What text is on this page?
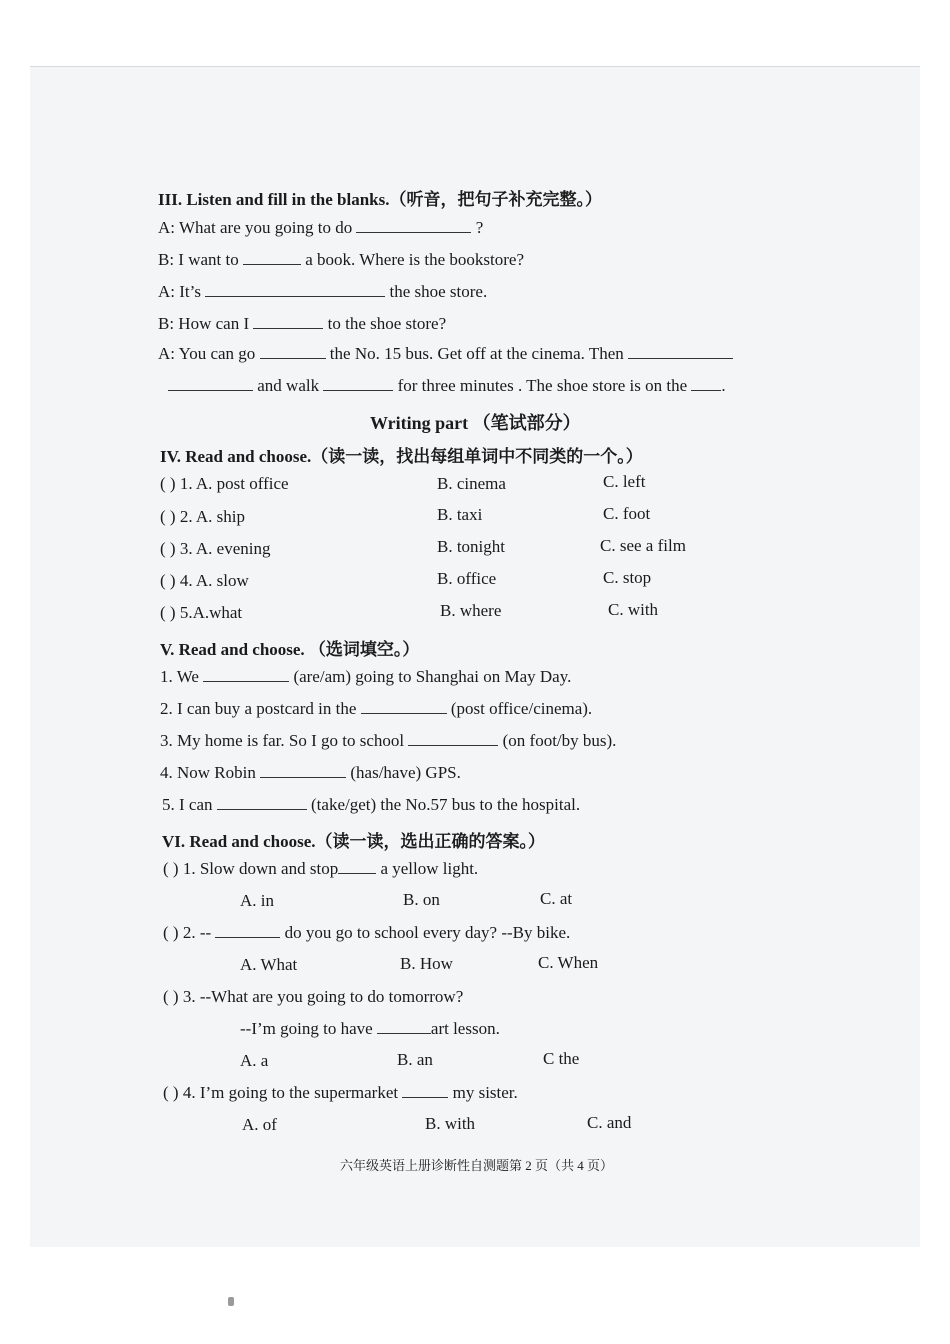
III. Listen and fill in the blanks.（听音，把句子补充完整。）
A: What are you going to do	?
B: I want to	a book. Where is the bookstore?
A: It’s	the shoe store.
B: How can I	to the shoe store?
A: You can go	the No. 15 bus. Get off at the cinema. Then
and walk	for three minutes . The shoe store is on the .
Writing part （笔试部分）
IV. Read and choose.（读一读，找出每组单词中不同类的一个。）
( ) 1. A. post office	B. cinema	C. left
( ) 2. A. ship	B. taxi	C. foot
( ) 3. A. evening	B. tonight	C. see a film
( ) 4. A. slow	B. office	C. stop
( ) 5.A.what	B. where	C. with
V. Read and choose. （选词填空。）
1. We	(are/am) going to Shanghai on May Day.
2. I can buy a postcard in the	(post office/cinema).
3. My home is far. So I go to school	(on foot/by bus).
4. Now Robin	(has/have) GPS.
5. I can	(take/get) the No.57 bus to the hospital.
VI. Read and choose.（读一读，选出正确的答案。）
( ) 1. Slow down and stop a yellow light.
A. in	B. on	C. at
( ) 2. --	do you go to school every day? --By bike.
A. What	B. How	C. When
( ) 3. --What are you going to do tomorrow?
--I’m going to have	art lesson.
A. a	B. an	C the
( ) 4. I’m going to the supermarket	my sister.
A. of	B. with	C. and
六年级英语上册诊断性自测题第 2 页（共 4 页）
